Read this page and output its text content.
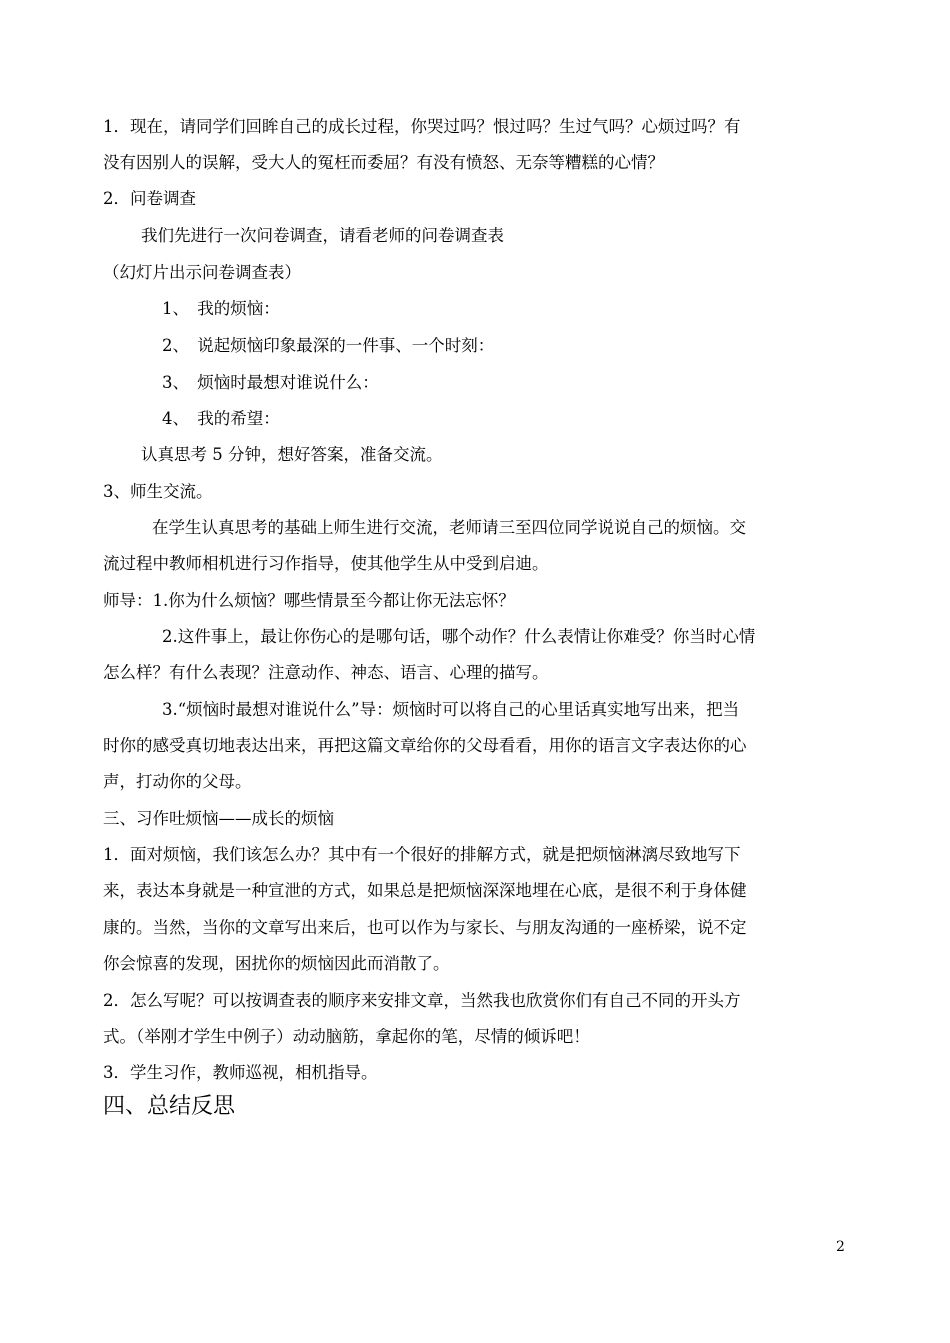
1．现在，请同学们回眸自己的成长过程，你哭过吗？恨过吗？生过气吗？心烦过吗？有
没有因别人的误解，受大人的冤枉而委屈？有没有愤怒、无奈等糟糕的心情？
2．问卷调查
我们先进行一次问卷调查，请看老师的问卷调查表
（幻灯片出示问卷调查表）
1、　我的烦恼：
2、　说起烦恼印象最深的一件事、一个时刻：
3、　烦恼时最想对谁说什么：
4、　我的希望：
认真思考 5 分钟，想好答案，准备交流。
3、师生交流。
在学生认真思考的基础上师生进行交流，老师请三至四位同学说说自己的烦恼。交
流过程中教师相机进行习作指导，使其他学生从中受到启迪。
师导：1.你为什么烦恼？哪些情景至今都让你无法忘怀？
2.这件事上，最让你伤心的是哪句话，哪个动作？什么表情让你难受？你当时心情
怎么样？有什么表现？注意动作、神态、语言、心理的描写。
3.“烦恼时最想对谁说什么”导：烦恼时可以将自己的心里话真实地写出来，把当
时你的感受真切地表达出来，再把这篇文章给你的父母看看，用你的语言文字表达你的心
声，打动你的父母。
三、习作吐烦恼——成长的烦恼
1．面对烦恼，我们该怎么办？其中有一个很好的排解方式，就是把烦恼淋漓尽致地写下
来，表达本身就是一种宣泄的方式，如果总是把烦恼深深地埋在心底，是很不利于身体健
康的。当然，当你的文章写出来后，也可以作为与家长、与朋友沟通的一座桥梁，说不定
你会惊喜的发现，困扰你的烦恼因此而消散了。
2．怎么写呢？可以按调查表的顺序来安排文章，当然我也欣赏你们有自己不同的开头方
式。（举刚才学生中例子）动动脑筋，拿起你的笔，尽情的倾诉吧！
3．学生习作，教师巡视，相机指导。
四、总结反思
2
